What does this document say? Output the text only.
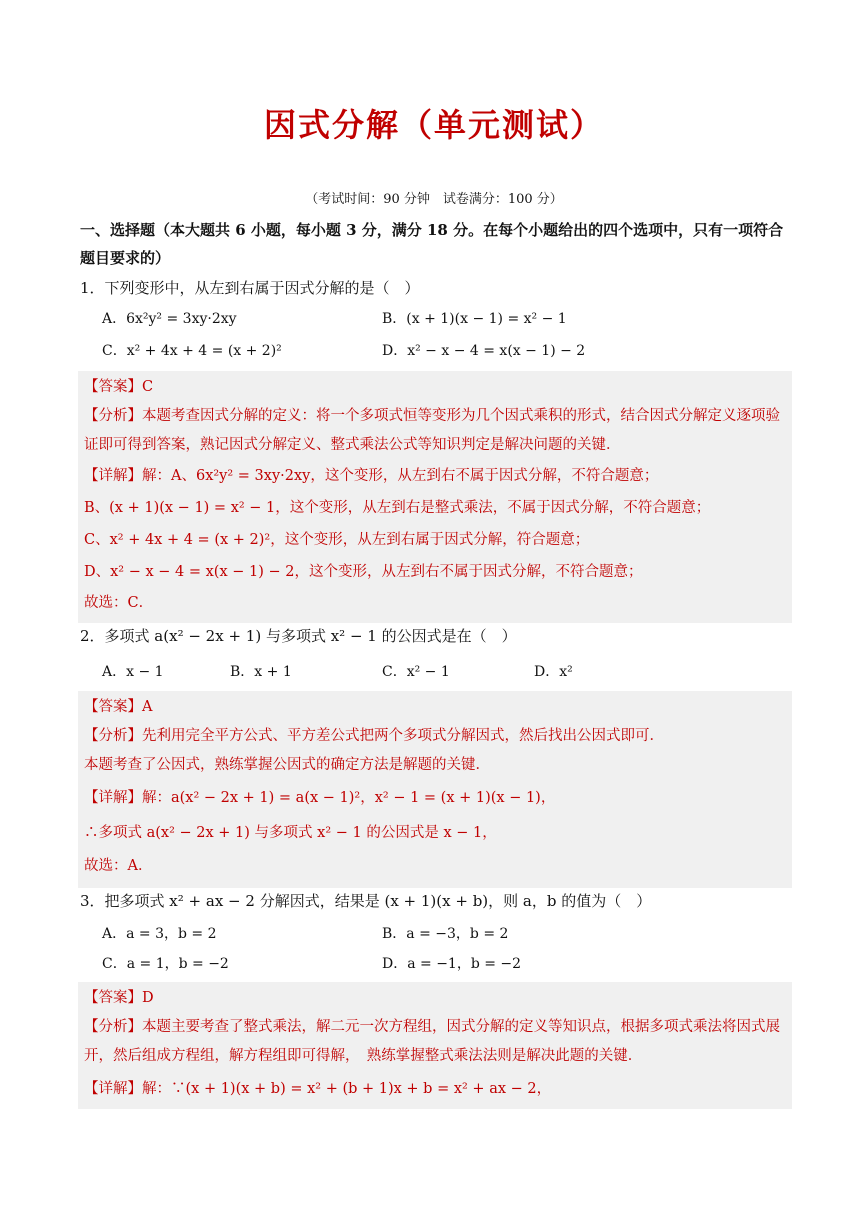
因式分解（单元测试）
（考试时间：90 分钟　试卷满分：100 分）
一、选择题（本大题共 6 小题，每小题 3 分，满分 18 分。在每个小题给出的四个选项中，只有一项符合题目要求的）
1．下列变形中，从左到右属于因式分解的是（　）
A．6x²y² = 3xy·2xy	B．(x + 1)(x − 1) = x² − 1
C．x² + 4x + 4 = (x + 2)²	D．x² − x − 4 = x(x − 1) − 2
【答案】C
【分析】本题考查因式分解的定义：将一个多项式恒等变形为几个因式乘积的形式，结合因式分解定义逐项验证即可得到答案，熟记因式分解定义、整式乘法公式等知识判定是解决问题的关键．
【详解】解：A、6x²y² = 3xy·2xy，这个变形，从左到右不属于因式分解，不符合题意；
B、(x + 1)(x − 1) = x² − 1，这个变形，从左到右是整式乘法，不属于因式分解，不符合题意；
C、x² + 4x + 4 = (x + 2)²，这个变形，从左到右属于因式分解，符合题意；
D、x² − x − 4 = x(x − 1) − 2，这个变形，从左到右不属于因式分解，不符合题意；
故选：C．
2．多项式 a(x² − 2x + 1) 与多项式 x² − 1 的公因式是在（　）
A．x − 1	B．x + 1	C．x² − 1	D．x²
【答案】A
【分析】先利用完全平方公式、平方差公式把两个多项式分解因式，然后找出公因式即可．
本题考查了公因式，熟练掌握公因式的确定方法是解题的关键．
【详解】解：a(x² − 2x + 1) = a(x − 1)²，x² − 1 = (x + 1)(x − 1)，
∴多项式 a(x² − 2x + 1) 与多项式 x² − 1 的公因式是 x − 1，
故选：A．
3．把多项式 x² + ax − 2 分解因式，结果是 (x + 1)(x + b)，则 a，b 的值为（　）
A．a = 3，b = 2	B．a = −3，b = 2
C．a = 1，b = −2	D．a = −1，b = −2
【答案】D
【分析】本题主要考查了整式乘法，解二元一次方程组，因式分解的定义等知识点，根据多项式乘法将因式展开，然后组成方程组，解方程组即可得解，　熟练掌握整式乘法法则是解决此题的关键．
【详解】解：∵(x + 1)(x + b) = x² + (b + 1)x + b = x² + ax − 2，
